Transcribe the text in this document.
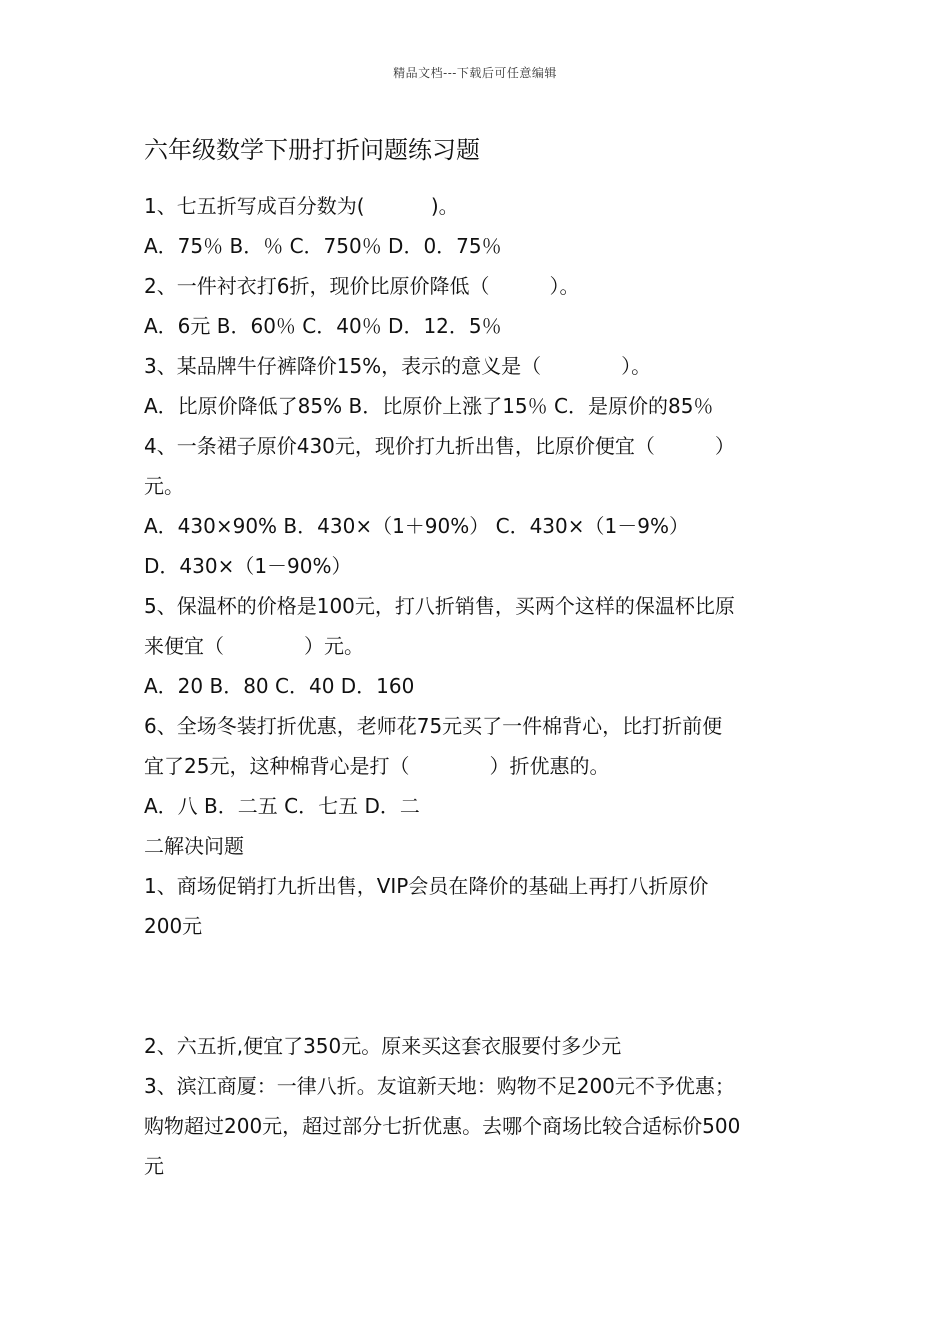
精品文档---下载后可任意编辑
六年级数学下册打折问题练习题
1、七五折写成百分数为(　　　 )。
A．75％ B．％ C．750％ D．0．75％
2、一件衬衣打6折，现价比原价降低（　　　）。
A．6元 B．60％ C．40％ D．12．5％
3、某品牌牛仔裤降价15%，表示的意义是（　　　　）。
A．比原价降低了85% B．比原价上涨了15％ C．是原价的85％
4、一条裙子原价430元，现价打九折出售，比原价便宜（　　　）
元。
A．430×90% B．430×（1＋90%） C．430×（1－9%）
D．430×（1－90%）
5、保温杯的价格是100元，打八折销售，买两个这样的保温杯比原
来便宜（　　　　）元。
A．20 B．80 C．40 D．160
6、全场冬装打折优惠，老师花75元买了一件棉背心，比打折前便
宜了25元，这种棉背心是打（　　　　）折优惠的。
A．八 B．二五 C．七五 D．二
二解决问题
1、商场促销打九折出售，VIP会员在降价的基础上再打八折原价
200元
2、六五折,便宜了350元。原来买这套衣服要付多少元
3、滨江商厦：一律八折。友谊新天地：购物不足200元不予优惠；
购物超过200元，超过部分七折优惠。去哪个商场比较合适标价500
元
